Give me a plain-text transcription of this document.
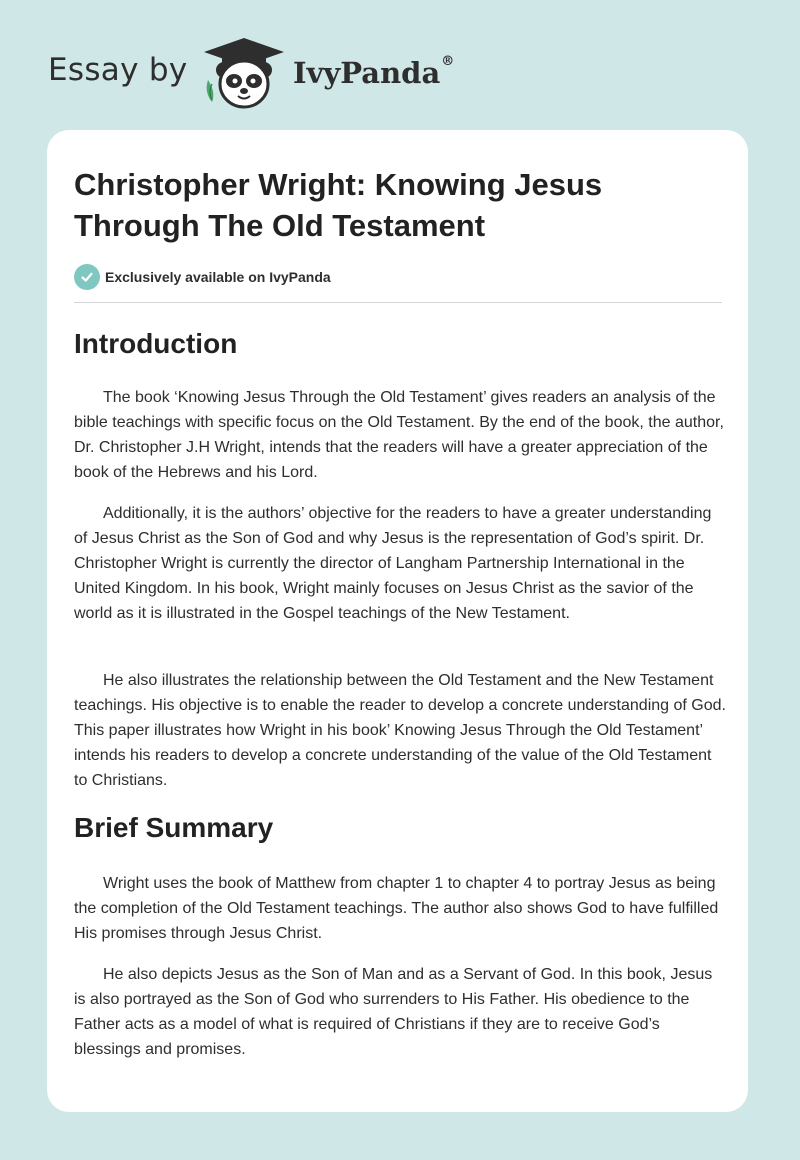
Essay by	IvyPanda®
Christopher Wright: Knowing Jesus Through The Old Testament
Exclusively available on IvyPanda
Introduction

The book ‘Knowing Jesus Through the Old Testament’ gives readers an analysis of the bible teachings with specific focus on the Old Testament. By the end of the book, the author, Dr. Christopher J.H Wright, intends that the readers will have a greater appreciation of the book of the Hebrews and his Lord.

Additionally, it is the authors’ objective for the readers to have a greater understanding of Jesus Christ as the Son of God and why Jesus is the representation of God’s spirit. Dr. Christopher Wright is currently the director of Langham Partnership International in the United Kingdom. In his book, Wright mainly focuses on Jesus Christ as the savior of the world as it is illustrated in the Gospel teachings of the New Testament.

He also illustrates the relationship between the Old Testament and the New Testament teachings. His objective is to enable the reader to develop a concrete understanding of God. This paper illustrates how Wright in his book’ Knowing Jesus Through the Old Testament’ intends his readers to develop a concrete understanding of the value of the Old Testament to Christians.

Brief Summary

Wright uses the book of Matthew from chapter 1 to chapter 4 to portray Jesus as being the completion of the Old Testament teachings. The author also shows God to have fulfilled His promises through Jesus Christ.

He also depicts Jesus as the Son of Man and as a Servant of God. In this book, Jesus is also portrayed as the Son of God who surrenders to His Father. His obedience to the Father acts as a model of what is required of Christians if they are to receive God’s blessings and promises.
